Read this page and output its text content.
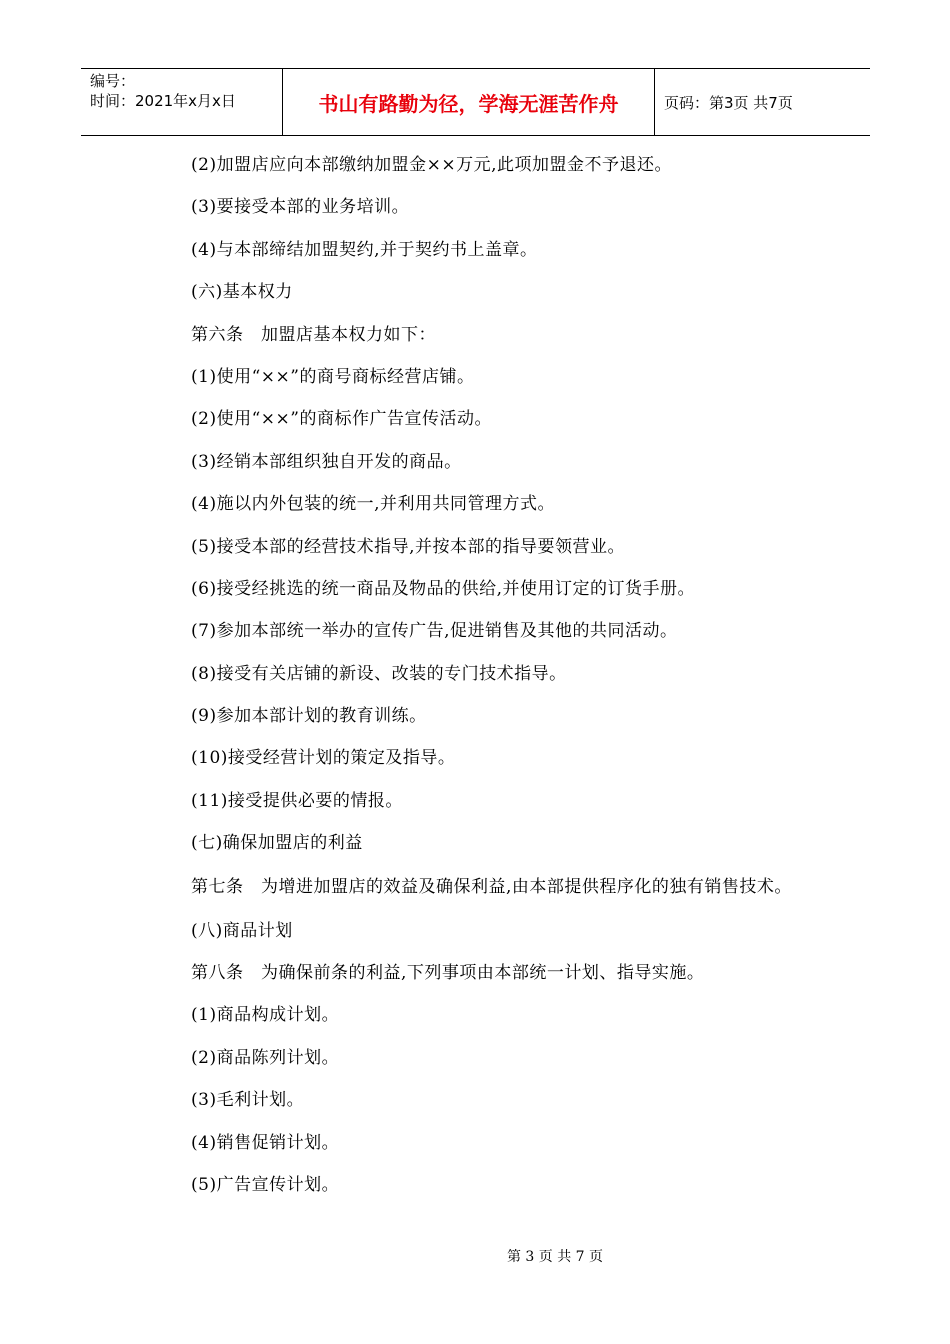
编号：
时间：2021年x月x日	书山有路勤为径，学海无涯苦作舟	页码：第3页 共7页
(2)加盟店应向本部缴纳加盟金××万元,此项加盟金不予退还。
(3)要接受本部的业务培训。
(4)与本部缔结加盟契约,并于契约书上盖章。
(六)基本权力
第六条　加盟店基本权力如下：
(1)使用“××”的商号商标经营店铺。
(2)使用“××”的商标作广告宣传活动。
(3)经销本部组织独自开发的商品。
(4)施以内外包装的统一,并利用共同管理方式。
(5)接受本部的经营技术指导,并按本部的指导要领营业。
(6)接受经挑选的统一商品及物品的供给,并使用订定的订货手册。
(7)参加本部统一举办的宣传广告,促进销售及其他的共同活动。
(8)接受有关店铺的新设、改装的专门技术指导。
(9)参加本部计划的教育训练。
(10)接受经营计划的策定及指导。
(11)接受提供必要的情报。
(七)确保加盟店的利益
第七条　为增进加盟店的效益及确保利益,由本部提供程序化的独有销售技术。
(八)商品计划
第八条　为确保前条的利益,下列事项由本部统一计划、指导实施。
(1)商品构成计划。
(2)商品陈列计划。
(3)毛利计划。
(4)销售促销计划。
(5)广告宣传计划。
第 3 页 共 7 页
